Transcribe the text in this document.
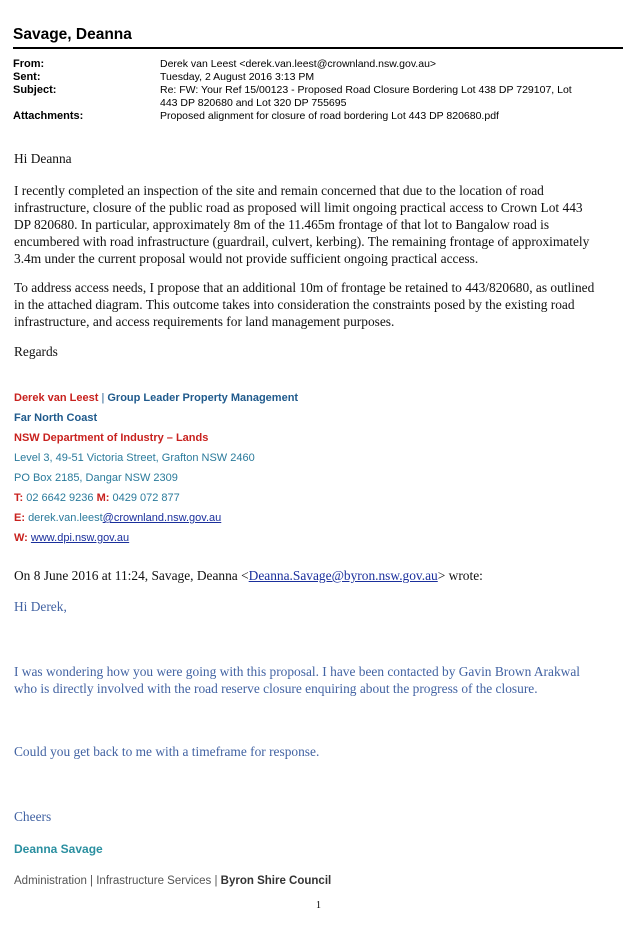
Savage, Deanna
From:	Derek van Leest <derek.van.leest@crownland.nsw.gov.au>
Sent:	Tuesday, 2 August 2016 3:13 PM
Subject:	Re: FW: Your Ref 15/00123 - Proposed Road Closure Bordering Lot 438 DP 729107, Lot
443 DP 820680 and Lot 320 DP 755695
Attachments:	Proposed alignment for closure of road bordering Lot 443 DP 820680.pdf
Hi Deanna
I recently completed an inspection of the site and remain concerned that due to the location of road
infrastructure, closure of the public road as proposed will limit ongoing practical access to Crown Lot 443
DP 820680. In particular, approximately 8m of the 11.465m frontage of that lot to Bangalow road is
encumbered with road infrastructure (guardrail, culvert, kerbing). The remaining frontage of approximately
3.4m under the current proposal would not provide sufficient ongoing practical access.
To address access needs, I propose that an additional 10m of frontage be retained to 443/820680, as outlined
in the attached diagram. This outcome takes into consideration the constraints posed by the existing road
infrastructure, and access requirements for land management purposes.
Regards
Derek van Leest | Group Leader Property Management
Far North Coast
NSW Department of Industry – Lands
Level 3, 49-51 Victoria Street, Grafton NSW 2460
PO Box 2185, Dangar NSW 2309
T: 02 6642 9236 M: 0429 072 877
E: derek.van.leest@crownland.nsw.gov.au
W: www.dpi.nsw.gov.au
On 8 June 2016 at 11:24, Savage, Deanna <Deanna.Savage@byron.nsw.gov.au> wrote:
Hi Derek,
I was wondering how you were going with this proposal. I have been contacted by Gavin Brown Arakwal
who is directly involved with the road reserve closure enquiring about the progress of the closure.
Could you get back to me with a timeframe for response.
Cheers
Deanna Savage
Administration | Infrastructure Services | Byron Shire Council
1
